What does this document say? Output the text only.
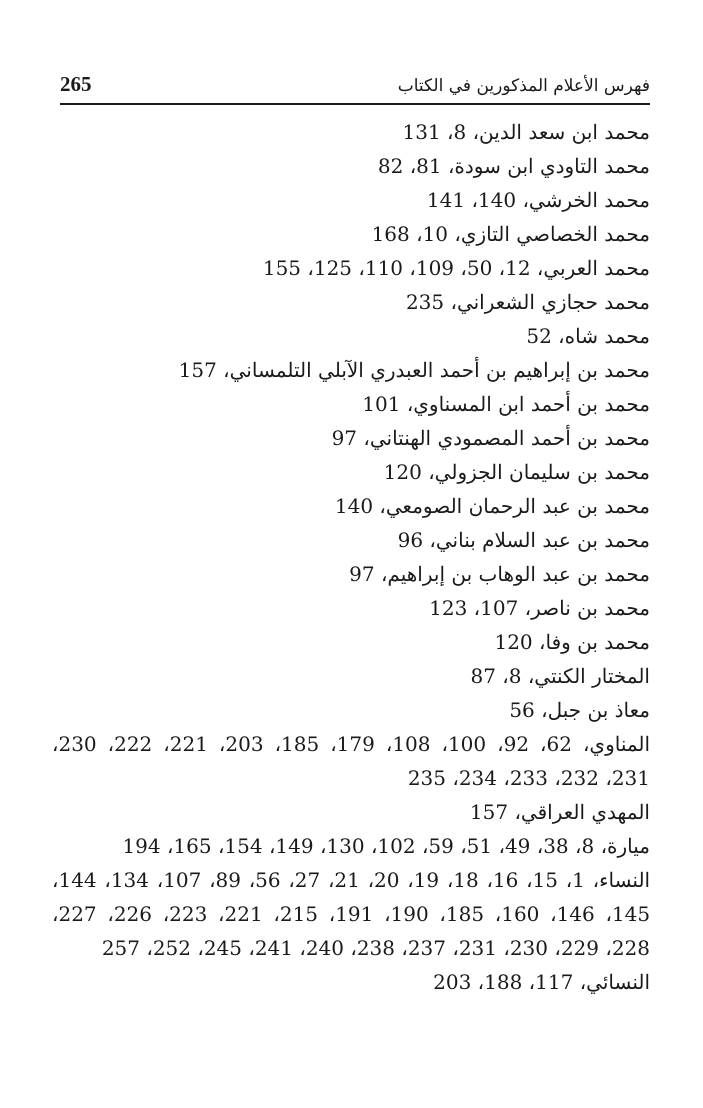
265	فهرس الأعلام المذكورين في الكتاب
محمد ابن سعد الدين، 8، 131
محمد التاودي ابن سودة، 81، 82
محمد الخرشي، 140، 141
محمد الخصاصي التازي، 10، 168
محمد العربي، 12، 50، 109، 110، 125، 155
محمد حجازي الشعراني، 235
محمد شاه، 52
محمد بن إبراهيم بن أحمد العبدري الآبلي التلمساني، 157
محمد بن أحمد ابن المسناوي، 101
محمد بن أحمد المصمودي الهنتاني، 97
محمد بن سليمان الجزولي، 120
محمد بن عبد الرحمان الصومعي، 140
محمد بن عبد السلام بناني، 96
محمد بن عبد الوهاب بن إبراهيم، 97
محمد بن ناصر، 107، 123
محمد بن وفا، 120
المختار الكنتي، 8، 87
معاذ بن جبل، 56
المناوي، 62، 92، 100، 108، 179، 185، 203، 221، 222، 230، 231، 232، 233، 234، 235
المهدي العراقي، 157
ميارة، 8، 38، 49، 51، 59، 102، 130، 149، 154، 165، 194
النساء، 1، 15، 16، 18، 19، 20، 21، 27، 56، 89، 107، 134، 144، 145، 146، 160، 185، 190، 191، 215، 221، 223، 226، 227، 228، 229، 230، 231، 237، 238، 240، 241، 245، 252، 257
النسائي، 117، 188، 203
